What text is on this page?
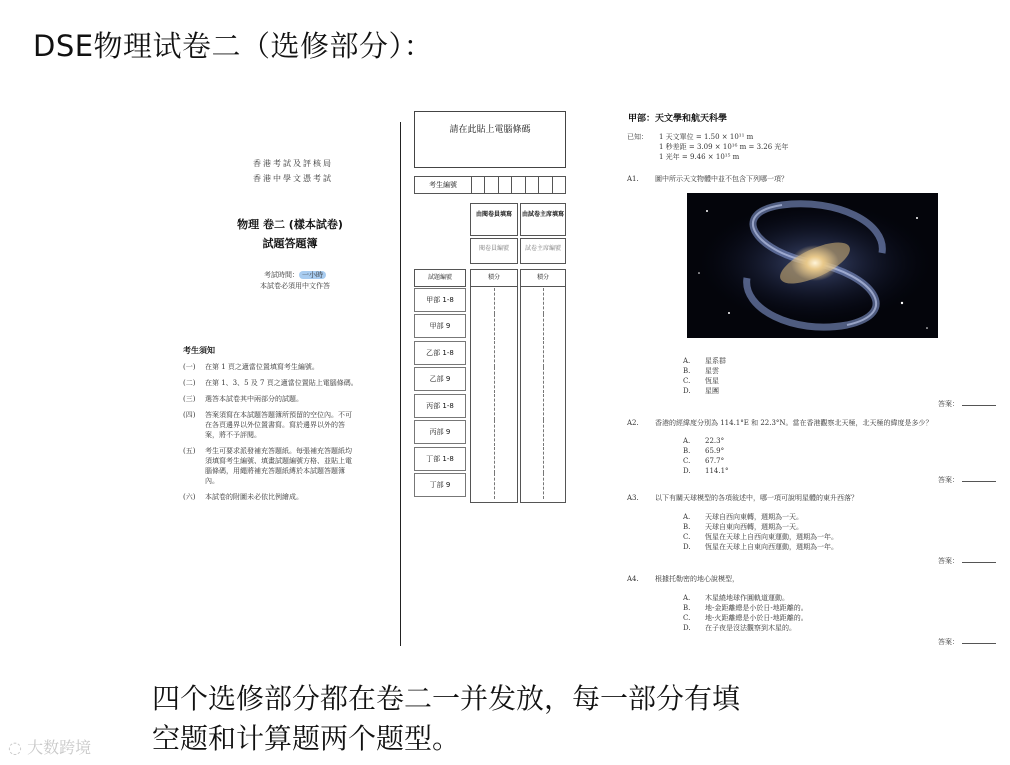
DSE物理试卷二（选修部分）：
香港考試及評核局
香港中學文憑考試
物理 卷二 (樣本試卷)
試題答題簿
考試時間： 一小時
本試卷必須用中文作答
考生須知
(一)	在第 1 頁之適當位置填寫考生編號。
(二)	在第 1、3、5 及 7 頁之適當位置貼上電腦條碼。
(三)	選答本試卷其中兩部分的試題。
(四)	答案須寫在本試題答題簿所預留的空位內。不可在各頁邊界以外位置書寫。寫於邊界以外的答案，將不予評閱。
(五)	考生可要求派發補充答題紙。每張補充答題紙均須填寫考生編號、填畫試題編號方格、並貼上電腦條碼，用繩將補充答題紙縛於本試題答題簿內。
(六)	本試卷的附圖未必依比例繪成。
請在此貼上電腦條碼
考生編號
由閱卷員填寫	由試卷主席填寫
閱卷員編號	試卷主席編號
試題編號	積分	積分
甲部 1-8
甲部 9
乙部 1-8
乙部 9
丙部 1-8
丙部 9
丁部 1-8
丁部 9
甲部：天文學和航天科學
已知：	1 天文單位 = 1.50 × 10¹¹ m
1 秒差距 = 3.09 × 10¹⁶ m = 3.26 光年
1 光年 = 9.46 × 10¹⁵ m
A1. 圖中所示天文物體中並不包含下列哪一項？
A.	星系群
B.	星雲
C.	恆星
D.	星團
答案：
A2. 香港的經緯度分別為 114.1°E 和 22.3°N。當在香港觀察北天極，北天極的緯度是多少？
A.	22.3°
B.	65.9°
C.	67.7°
D.	114.1°
答案：
A3. 以下有關天球模型的各項敍述中，哪一項可說明星體的東升西落？
A.	天球自西向東轉，週期為一天。
B.	天球自東向西轉，週期為一天。
C.	恆星在天球上自西向東運動，週期為一年。
D.	恆星在天球上自東向西運動，週期為一年。
答案：
A4. 根據托勒密的地心說模型，
A.	木星繞地球作圓軌道運動。
B.	地-金距離總是小於日-地距離的。
C.	地-火距離總是小於日-地距離的。
D.	在子夜是沒法觀察到木星的。
答案：
四个选修部分都在卷二一并发放，每一部分有填空题和计算题两个题型。
◌ 大数跨境
